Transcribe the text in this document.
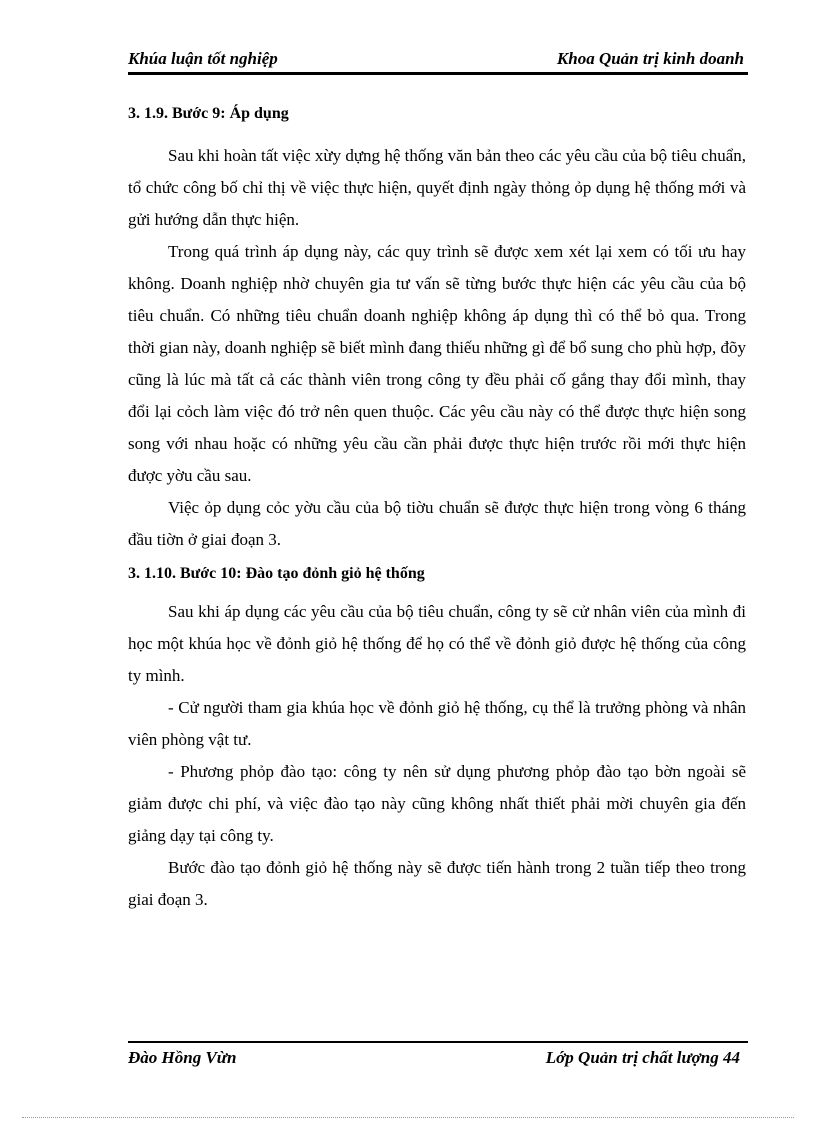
Khúa luận tốt nghiệp	Khoa Quản trị kinh doanh

3. 1.9. Bước 9: Áp dụng

Sau khi hoàn tất việc xừy dựng hệ thống văn bản theo các yêu cầu của bộ tiêu chuẩn, tổ chức công bố chỉ thị về việc thực hiện, quyết định ngày thỏng ỏp dụng hệ thống mới và gửi hướng dẫn thực hiện.

Trong quá trình áp dụng này, các quy trình sẽ được xem xét lại xem có tối ưu hay không. Doanh nghiệp nhờ chuyên gia tư vấn sẽ từng bước thực hiện các yêu cầu của bộ tiêu chuẩn. Có những tiêu chuẩn doanh nghiệp không áp dụng thì có thể bỏ qua. Trong thời gian này, doanh nghiệp sẽ biết mình đang thiếu những gì để bổ sung cho phù hợp, đõy cũng là lúc mà tất cả các thành viên trong công ty đều phải cố gắng thay đổi mình, thay đổi lại cỏch làm việc đó trở nên quen thuộc. Các yêu cầu này có thể được thực hiện song song với nhau hoặc có những yêu cầu cần phải được thực hiện trước rồi mới thực hiện được yờu cầu sau.

Việc ỏp dụng cỏc yờu cầu của bộ tiờu chuẩn sẽ được thực hiện trong vòng 6 tháng đầu tiờn ở giai đoạn 3.

3. 1.10. Bước 10: Đào tạo đỏnh giỏ hệ thống

Sau khi áp dụng các yêu cầu của bộ tiêu chuẩn, công ty sẽ cử nhân viên của mình đi học một khúa học về đỏnh giỏ hệ thống để họ có thể về đỏnh giỏ được hệ thống của công ty mình.

- Cử người tham gia khúa học về đỏnh giỏ hệ thống, cụ thể là trưởng phòng và nhân viên phòng vật tư.

- Phương phỏp đào tạo: công ty nên sử dụng phương phỏp đào tạo bờn ngoài sẽ giảm được chi phí, và việc đào tạo này cũng không nhất thiết phải mời chuyên gia đến giảng dạy tại công ty.

Bước đào tạo đỏnh giỏ hệ thống này sẽ được tiến hành trong 2 tuần tiếp theo trong giai đoạn 3.

Đào Hồng Vừn	Lớp Quản trị chất lượng 44
